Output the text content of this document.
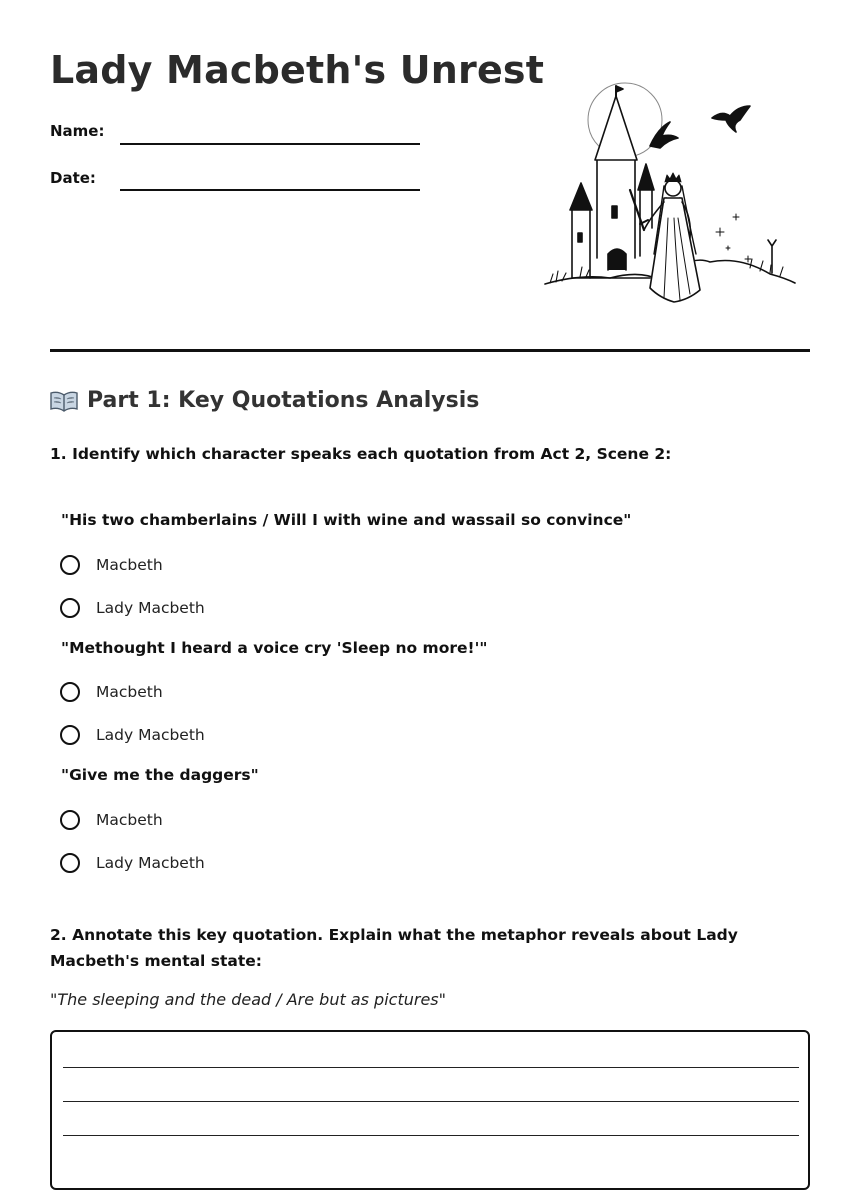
Lady Macbeth's Unrest
Name:
Date:
Part 1: Key Quotations Analysis
1. Identify which character speaks each quotation from Act 2, Scene 2:
"His two chamberlains / Will I with wine and wassail so convince"
Macbeth
Lady Macbeth
"Methought I heard a voice cry 'Sleep no more!'"
Macbeth
Lady Macbeth
"Give me the daggers"
Macbeth
Lady Macbeth
2. Annotate this key quotation. Explain what the metaphor reveals about Lady Macbeth's mental state:
"The sleeping and the dead / Are but as pictures"
